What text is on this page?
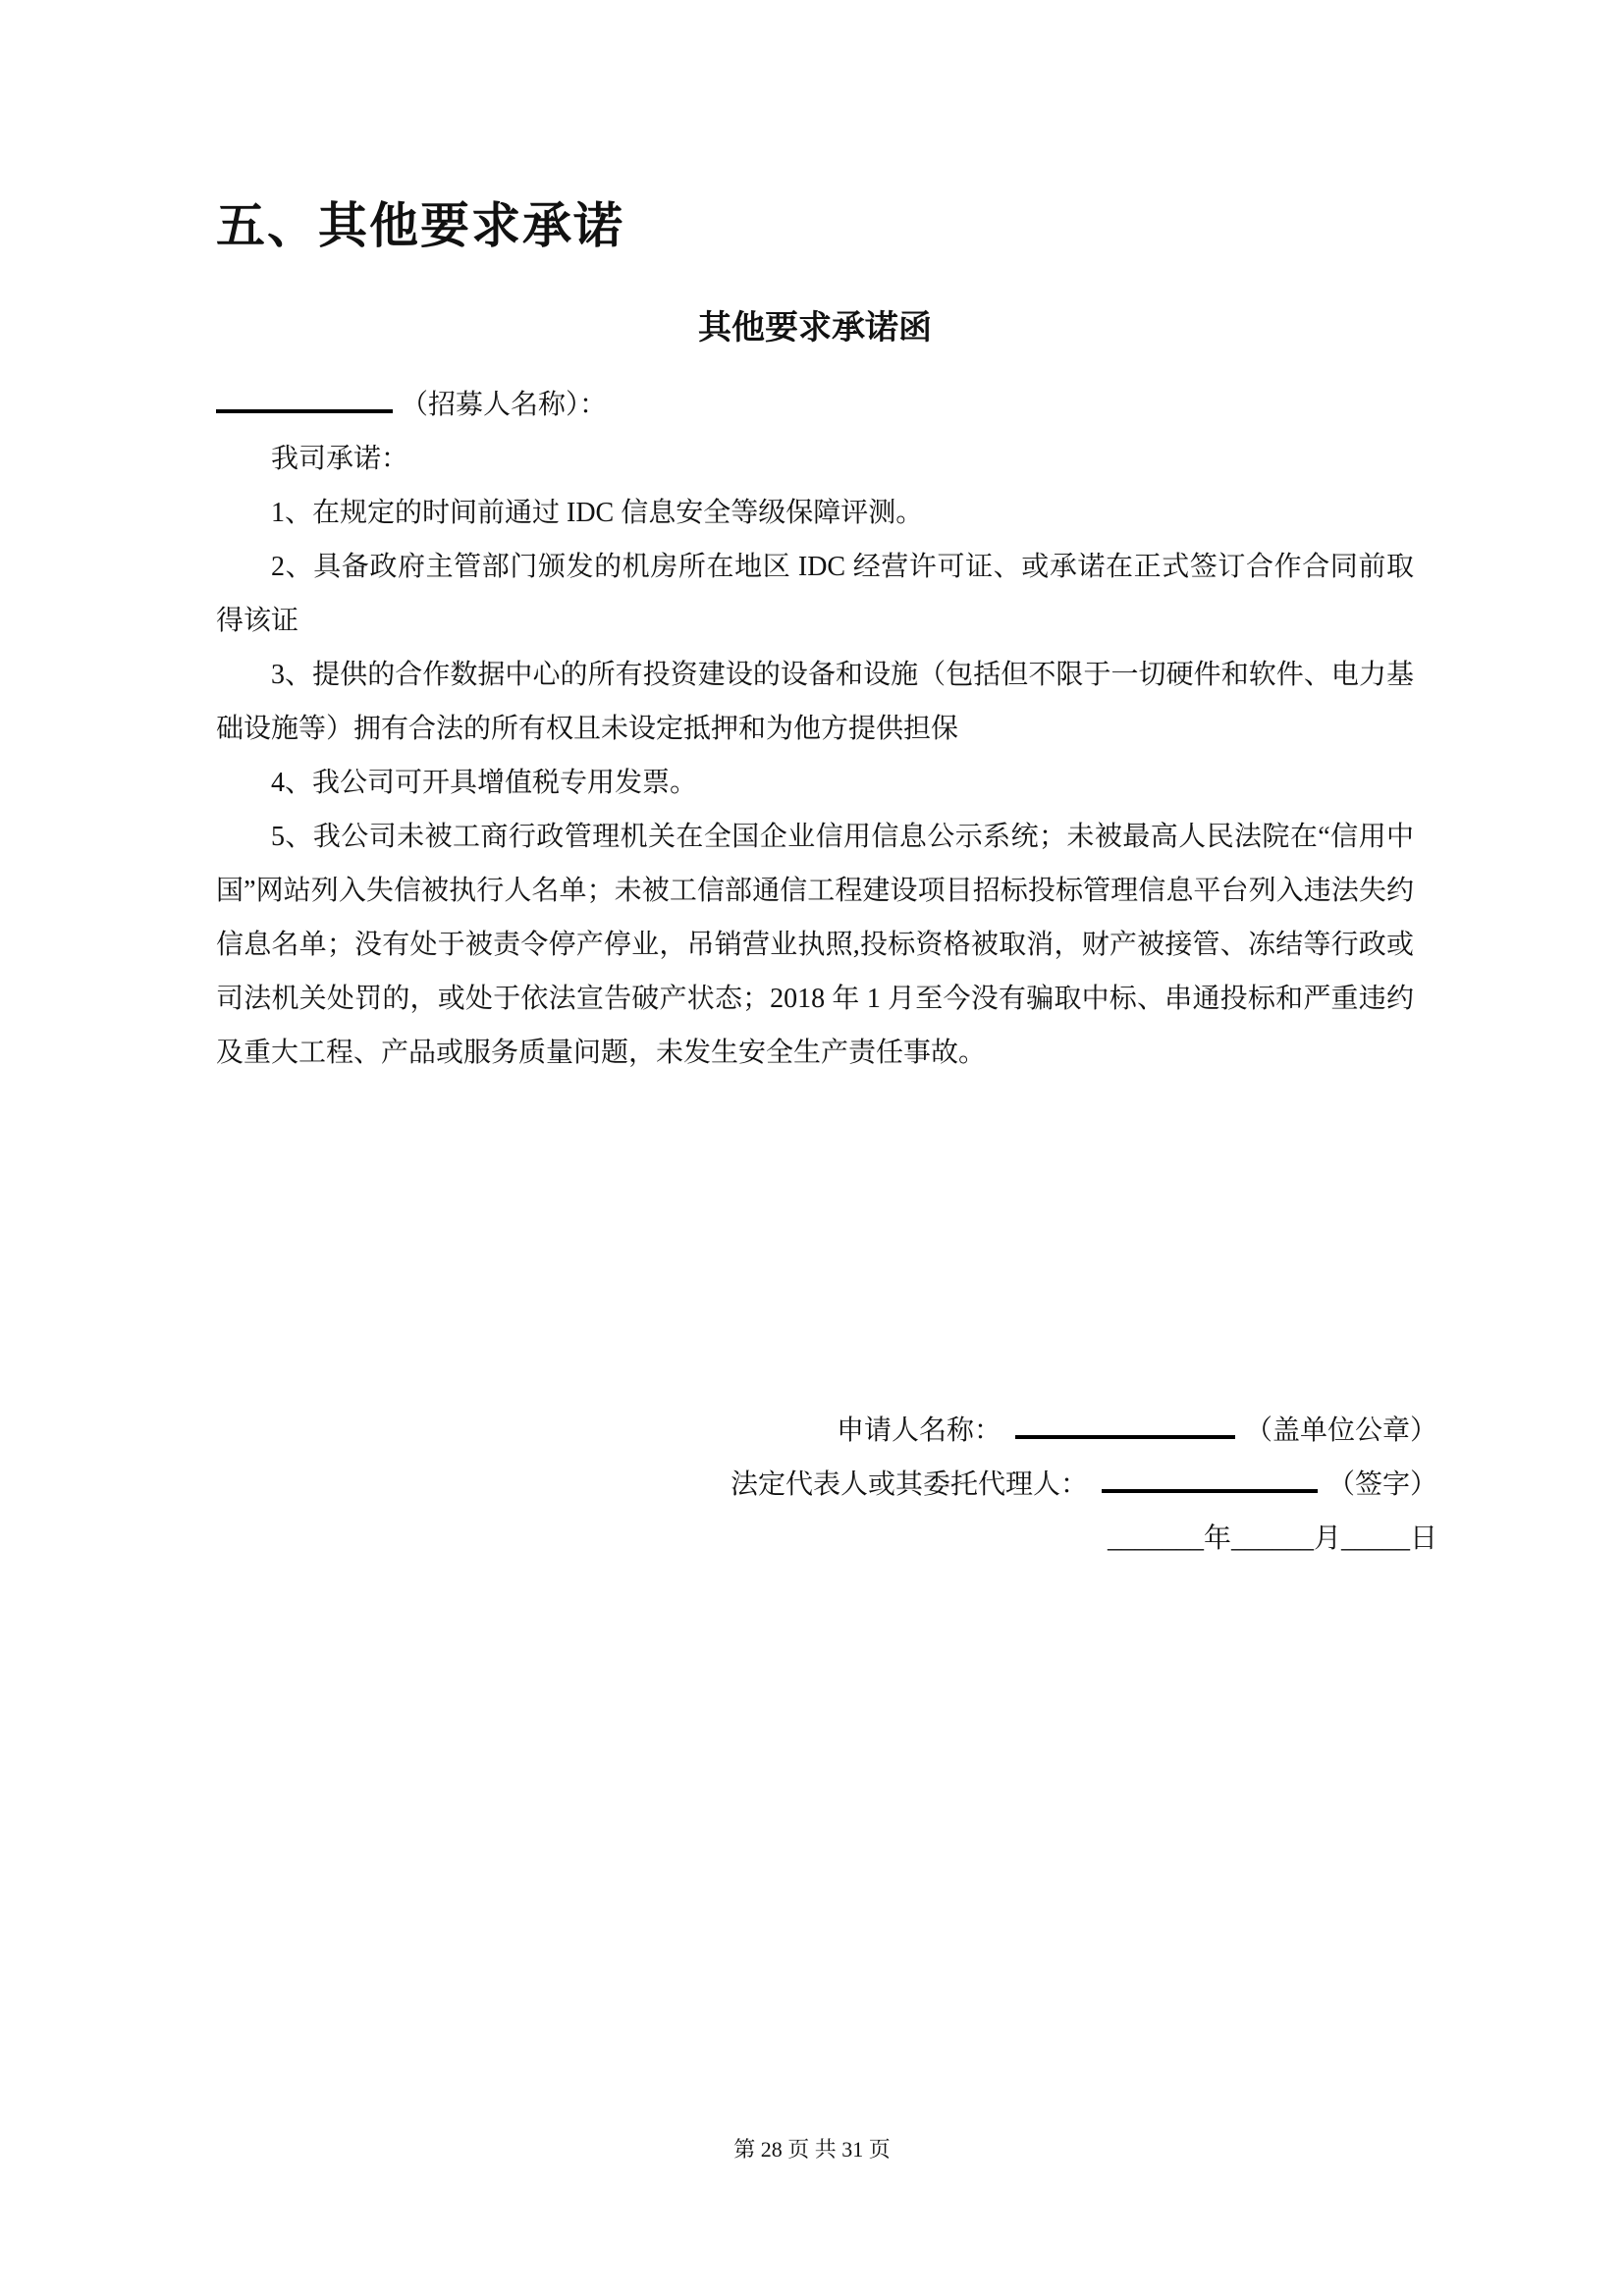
五、其他要求承诺
其他要求承诺函

（招募人名称）：

我司承诺：

1、在规定的时间前通过 IDC 信息安全等级保障评测。

2、具备政府主管部门颁发的机房所在地区 IDC 经营许可证、或承诺在正式签订合作合同前取得该证

3、提供的合作数据中心的所有投资建设的设备和设施（包括但不限于一切硬件和软件、电力基础设施等）拥有合法的所有权且未设定抵押和为他方提供担保

4、我公司可开具增值税专用发票。

5、我公司未被工商行政管理机关在全国企业信用信息公示系统；未被最高人民法院在“信用中国”网站列入失信被执行人名单；未被工信部通信工程建设项目招标投标管理信息平台列入违法失约信息名单；没有处于被责令停产停业，吊销营业执照,投标资格被取消，财产被接管、冻结等行政或司法机关处罚的，或处于依法宣告破产状态；2018 年 1 月至今没有骗取中标、串通投标和严重违约及重大工程、产品或服务质量问题，未发生安全生产责任事故。

申请人名称：	（盖单位公章）

法定代表人或其委托代理人：	（签字）

_______年______月_____日

第 28 页 共 31 页
